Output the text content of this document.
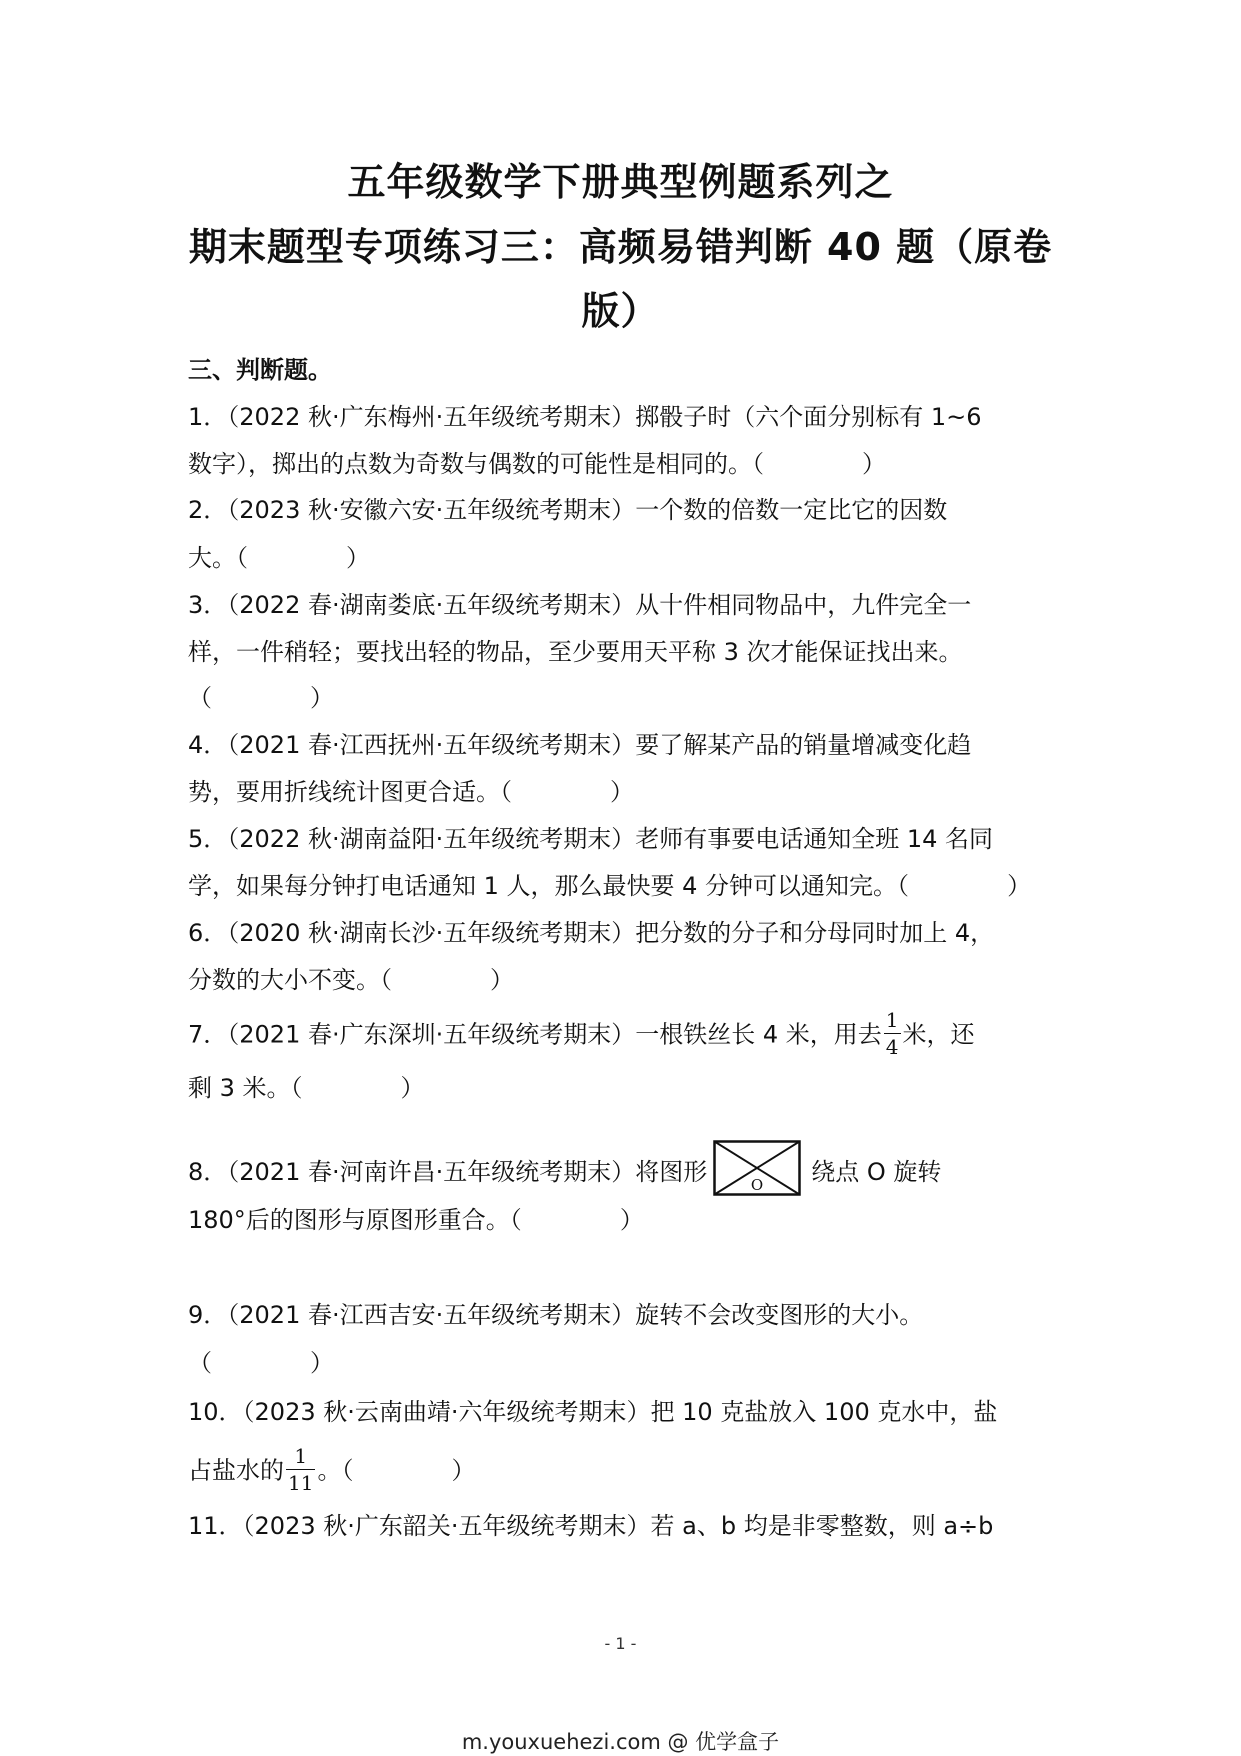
五年级数学下册典型例题系列之
期末题型专项练习三：高频易错判断 40 题（原卷
版）
三、判断题。
1．（2022 秋·广东梅州·五年级统考期末）掷骰子时（六个面分别标有 1~6
数字），掷出的点数为奇数与偶数的可能性是相同的。（	）
2．（2023 秋·安徽六安·五年级统考期末）一个数的倍数一定比它的因数
大。（	）
3．（2022 春·湖南娄底·五年级统考期末）从十件相同物品中，九件完全一
样，一件稍轻；要找出轻的物品，至少要用天平称 3 次才能保证找出来。
（	）
4．（2021 春·江西抚州·五年级统考期末）要了解某产品的销量增减变化趋
势，要用折线统计图更合适。（	）
5．（2022 秋·湖南益阳·五年级统考期末）老师有事要电话通知全班 14 名同
学，如果每分钟打电话通知 1 人，那么最快要 4 分钟可以通知完。（	）
6．（2020 秋·湖南长沙·五年级统考期末）把分数的分子和分母同时加上 4，
分数的大小不变。（	）
7．（2021 春·广东深圳·五年级统考期末）一根铁丝长 4 米，用去 $\frac{1}{4}$ 米，还
剩 3 米。（	）
8．（2021 春·河南许昌·五年级统考期末）将图形	O 绕点 O 旋转
180°后的图形与原图形重合。（	）
9．（2021 春·江西吉安·五年级统考期末）旋转不会改变图形的大小。
（	）
10．（2023 秋·云南曲靖·六年级统考期末）把 10 克盐放入 100 克水中，盐
占盐水的 $\frac{1}{11}$ 。（	）
11．（2023 秋·广东韶关·五年级统考期末）若 a、b 均是非零整数，则 a÷b
- 1 -
m.youxuehezi.com @ 优学盒子
